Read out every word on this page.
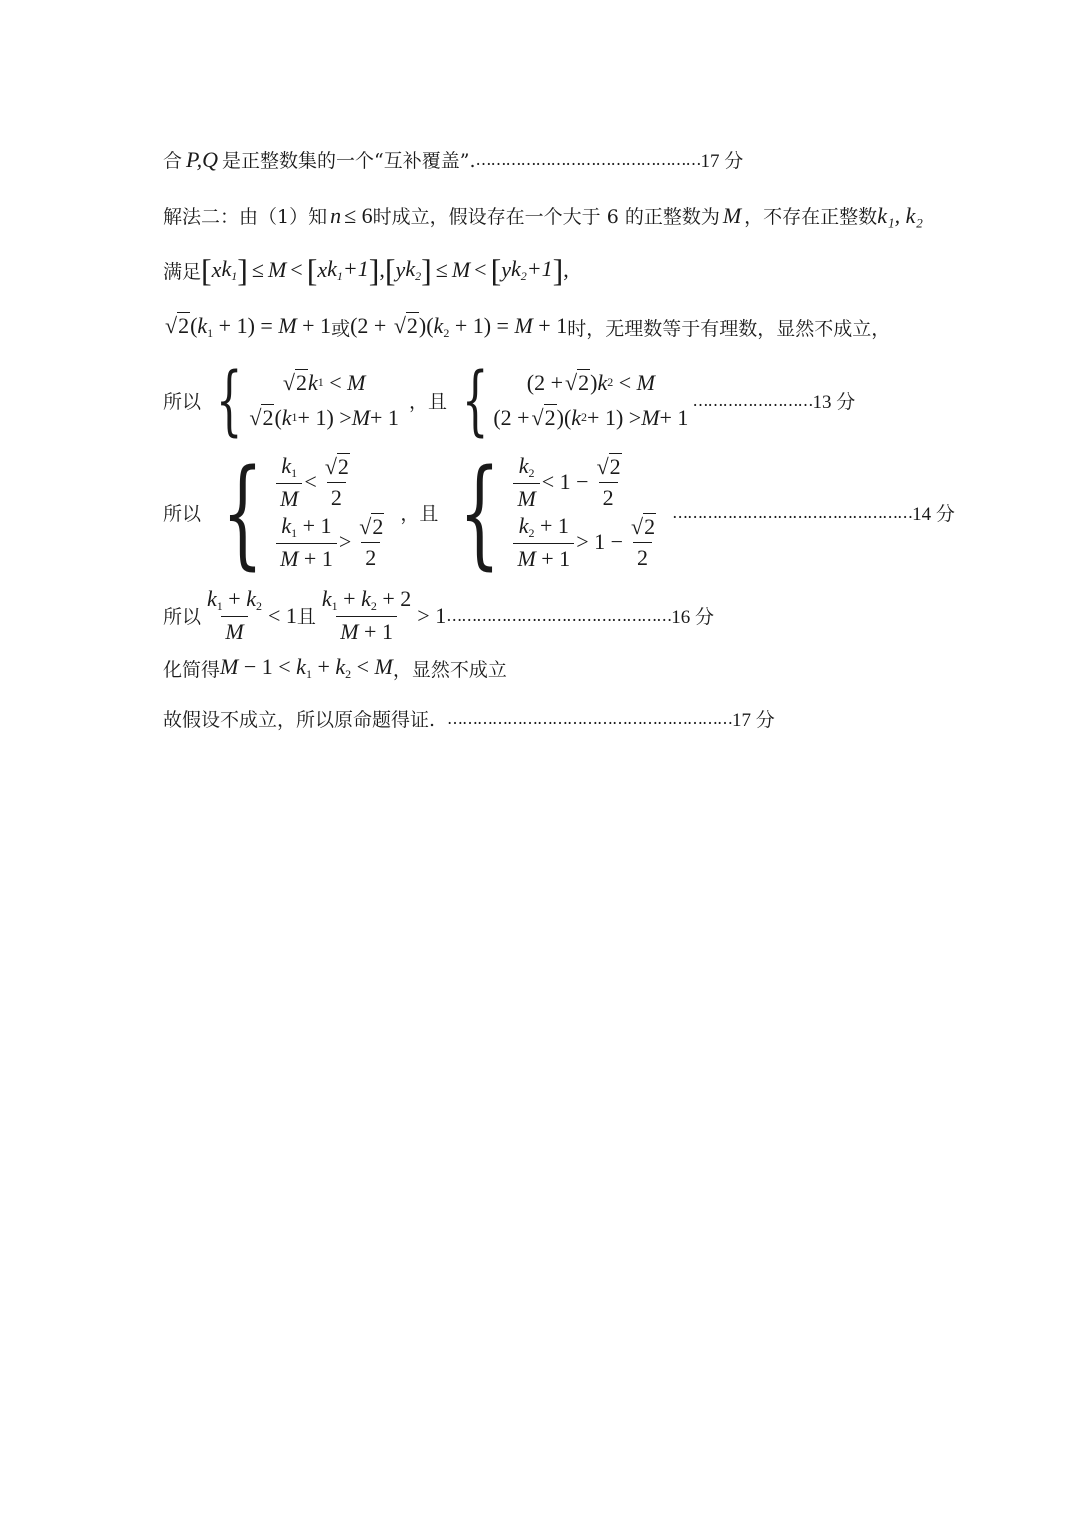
合 P,Q 是正整数集的一个“互补覆盖”. ……………………………………… 17 分
解法二：由（1）知 n ≤ 6 时成立，假设存在一个大于 6 的正整数为 M ，不存在正整数 k₁, k₂
满足 [ x $k_1$ ] ≤ M < [ x $k_1+1$ ] , [ y $k_2$ ] ≤ M < [ y $k_2+1$ ] ,
√ $2(k_1 + 1) = M + 1$ 或 (2 + √ $2)(k_2 + 1) = M + 1$ 时，无理数等于有理数，显然不成立，
所以 {	√ 2 k 1 < M
√ 2 ( k 1 + 1) > M + 1
，且 {	(2 + √ 2 ) k 2 < M
(2 + √ 2 )( k 2 + 1) > M + 1
…………………… 13 分
所以 { $\frac{k_1}{M}$ < √ $\frac{2}{2}$
$\frac{k_1 + 1}{M + 1}$ > √ $\frac{2}{2}$ ，且 { $\frac{k_2}{M} < 1$ − √ $\frac{2}{2}$
$\frac{k_2 + 1}{M + 1} > 1$ − √ $\frac{2}{2}$
………………………………………… 14 分
所以 $\frac{k_1 + k_2}{M} < 1$ 且 $\frac{k_1 + k_2 + 2}{M + 1} > 1$ ……………………………………… 16 分
化简得 $M - 1 < k_1 + k_2 < M$ ，显然不成立
故假设不成立，所以原命题得证. ………………………………………………… 17 分
